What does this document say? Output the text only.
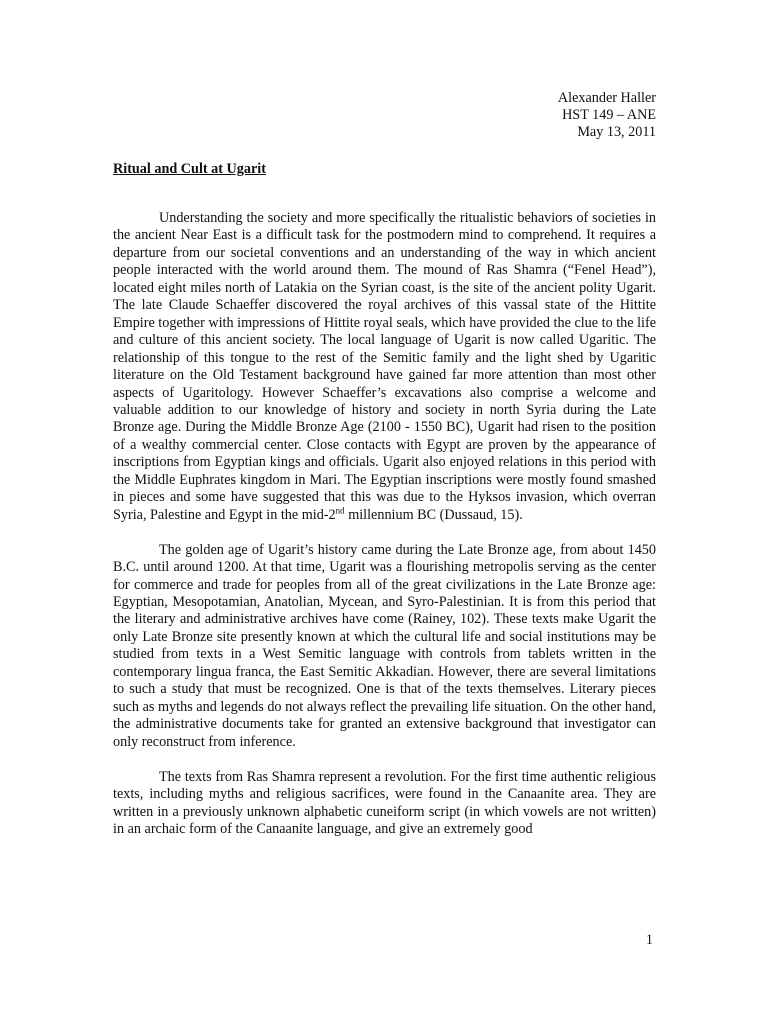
Alexander Haller
HST 149 – ANE
May 13, 2011
Ritual and Cult at Ugarit

Understanding the society and more specifically the ritualistic behaviors of societies in the ancient Near East is a difficult task for the postmodern mind to comprehend. It requires a departure from our societal conventions and an understanding of the way in which ancient people interacted with the world around them. The mound of Ras Shamra (“Fenel Head”), located eight miles north of Latakia on the Syrian coast, is the site of the ancient polity Ugarit. The late Claude Schaeffer discovered the royal archives of this vassal state of the Hittite Empire together with impressions of Hittite royal seals, which have provided the clue to the life and culture of this ancient society. The local language of Ugarit is now called Ugaritic. The relationship of this tongue to the rest of the Semitic family and the light shed by Ugaritic literature on the Old Testament background have gained far more attention than most other aspects of Ugaritology. However Schaeffer’s excavations also comprise a welcome and valuable addition to our knowledge of history and society in north Syria during the Late Bronze age. During the Middle Bronze Age (2100 - 1550 BC), Ugarit had risen to the position of a wealthy commercial center. Close contacts with Egypt are proven by the appearance of inscriptions from Egyptian kings and officials. Ugarit also enjoyed relations in this period with the Middle Euphrates kingdom in Mari. The Egyptian inscriptions were mostly found smashed in pieces and some have suggested that this was due to the Hyksos invasion, which overran Syria, Palestine and Egypt in the mid-2nd millennium BC (Dussaud, 15).

The golden age of Ugarit’s history came during the Late Bronze age, from about 1450 B.C. until around 1200. At that time, Ugarit was a flourishing metropolis serving as the center for commerce and trade for peoples from all of the great civilizations in the Late Bronze age: Egyptian, Mesopotamian, Anatolian, Mycean, and Syro-Palestinian. It is from this period that the literary and administrative archives have come (Rainey, 102). These texts make Ugarit the only Late Bronze site presently known at which the cultural life and social institutions may be studied from texts in a West Semitic language with controls from tablets written in the contemporary lingua franca, the East Semitic Akkadian. However, there are several limitations to such a study that must be recognized. One is that of the texts themselves. Literary pieces such as myths and legends do not always reflect the prevailing life situation. On the other hand, the administrative documents take for granted an extensive background that investigator can only reconstruct from inference.

The texts from Ras Shamra represent a revolution. For the first time authentic religious texts, including myths and religious sacrifices, were found in the Canaanite area. They are written in a previously unknown alphabetic cuneiform script (in which vowels are not written) in an archaic form of the Canaanite language, and give an extremely good

1
